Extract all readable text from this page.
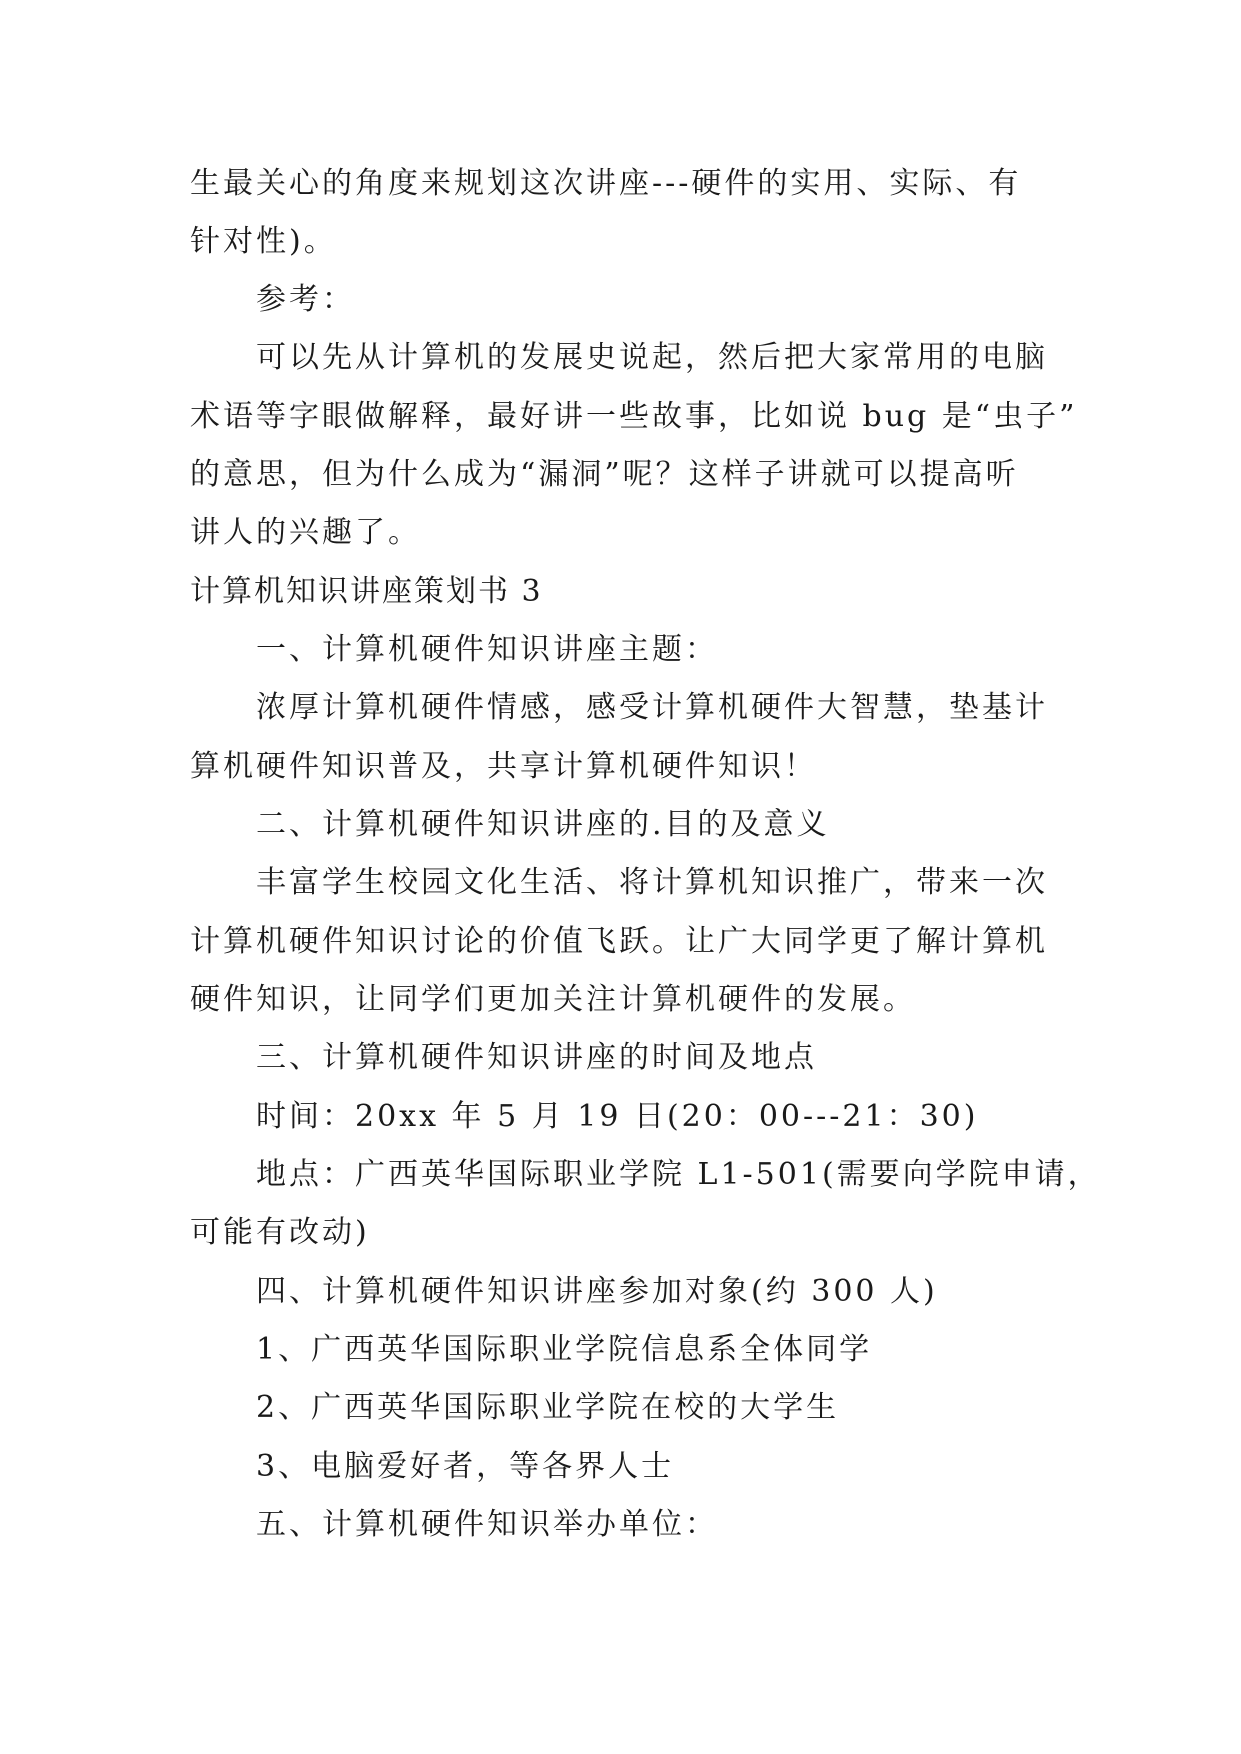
生最关心的角度来规划这次讲座---硬件的实用、实际、有
针对性)。
参考：
可以先从计算机的发展史说起，然后把大家常用的电脑
术语等字眼做解释，最好讲一些故事，比如说 bug 是“虫子”
的意思，但为什么成为“漏洞”呢？这样子讲就可以提高听
讲人的兴趣了。
计算机知识讲座策划书 3
一、计算机硬件知识讲座主题：
浓厚计算机硬件情感，感受计算机硬件大智慧，垫基计
算机硬件知识普及，共享计算机硬件知识！
二、计算机硬件知识讲座的.目的及意义
丰富学生校园文化生活、将计算机知识推广，带来一次
计算机硬件知识讨论的价值飞跃。让广大同学更了解计算机
硬件知识，让同学们更加关注计算机硬件的发展。
三、计算机硬件知识讲座的时间及地点
时间：20xx 年 5 月 19 日(20：00---21：30)
地点：广西英华国际职业学院 L1-501(需要向学院申请，
可能有改动)
四、计算机硬件知识讲座参加对象(约 300 人)
1、广西英华国际职业学院信息系全体同学
2、广西英华国际职业学院在校的大学生
3、电脑爱好者，等各界人士
五、计算机硬件知识举办单位：
